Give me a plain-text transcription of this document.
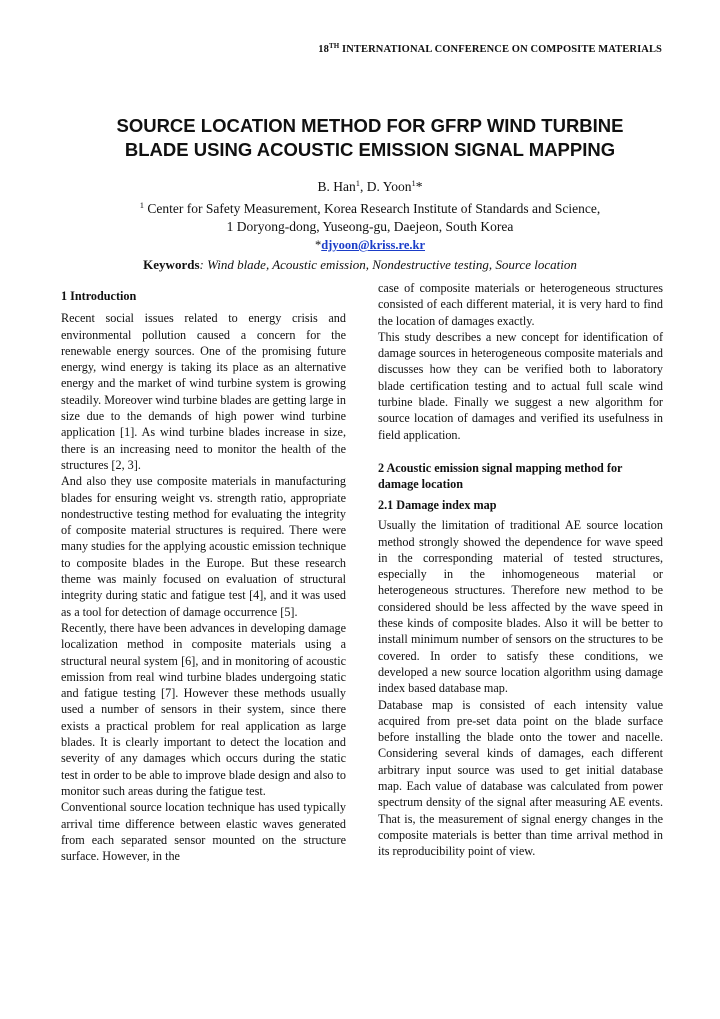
18TH INTERNATIONAL CONFERENCE ON COMPOSITE MATERIALS
SOURCE LOCATION METHOD FOR GFRP WIND TURBINE
BLADE USING ACOUSTIC EMISSION SIGNAL MAPPING
B. Han$^1$, D. Yoon$^1$*
$^1$ Center for Safety Measurement, Korea Research Institute of Standards and Science,
1 Doryong-dong, Yuseong-gu, Daejeon, South Korea
*djyoon@kriss.re.kr
Keywords: Wind blade, Acoustic emission, Nondestructive testing, Source location

1 Introduction

Recent social issues related to energy crisis and environmental pollution caused a concern for the renewable energy sources. One of the promising future energy, wind energy is taking its place as an alternative energy and the market of wind turbine system is growing steadily. Moreover wind turbine blades are getting large in size due to the demands of high power wind turbine application [1]. As wind turbine blades increase in size, there is an increasing need to monitor the health of the structures [2, 3].

And also they use composite materials in manufacturing blades for ensuring weight vs. strength ratio, appropriate nondestructive testing method for evaluating the integrity of composite material structures is required. There were many studies for the applying acoustic emission technique to composite blades in the Europe. But these research theme was mainly focused on evaluation of structural integrity during static and fatigue test [4], and it was used as a tool for detection of damage occurrence [5].

Recently, there have been advances in developing damage localization method in composite materials using a structural neural system [6], and in monitoring of acoustic emission from real wind turbine blades undergoing static and fatigue testing [7]. However these methods usually used a number of sensors in their system, since there exists a practical problem for real application as large blades. It is clearly important to detect the location and severity of any damages which occurs during the static test in order to be able to improve blade design and also to monitor such areas during the fatigue test.

Conventional source location technique has used typically arrival time difference between elastic waves generated from each separated sensor mounted on the structure surface. However, in the

case of composite materials or heterogeneous structures consisted of each different material, it is very hard to find the location of damages exactly.

This study describes a new concept for identification of damage sources in heterogeneous composite materials and discusses how they can be verified both to laboratory blade certification testing and to actual full scale wind turbine blade. Finally we suggest a new algorithm for source location of damages and verified its usefulness in field application.

2 Acoustic emission signal mapping method for damage location

2.1 Damage index map

Usually the limitation of traditional AE source location method strongly showed the dependence for wave speed in the corresponding material of tested structures, especially in the inhomogeneous material or heterogeneous structures. Therefore new method to be considered should be less affected by the wave speed in these kinds of composite blades. Also it will be better to install minimum number of sensors on the structures to be covered. In order to satisfy these conditions, we developed a new source location algorithm using damage index based database map.

Database map is consisted of each intensity value acquired from pre-set data point on the blade surface before installing the blade onto the tower and nacelle. Considering several kinds of damages, each different arbitrary input source was used to get initial database map. Each value of database was calculated from power spectrum density of the signal after measuring AE events. That is, the measurement of signal energy changes in the composite materials is better than time arrival method in its reproducibility point of view.
